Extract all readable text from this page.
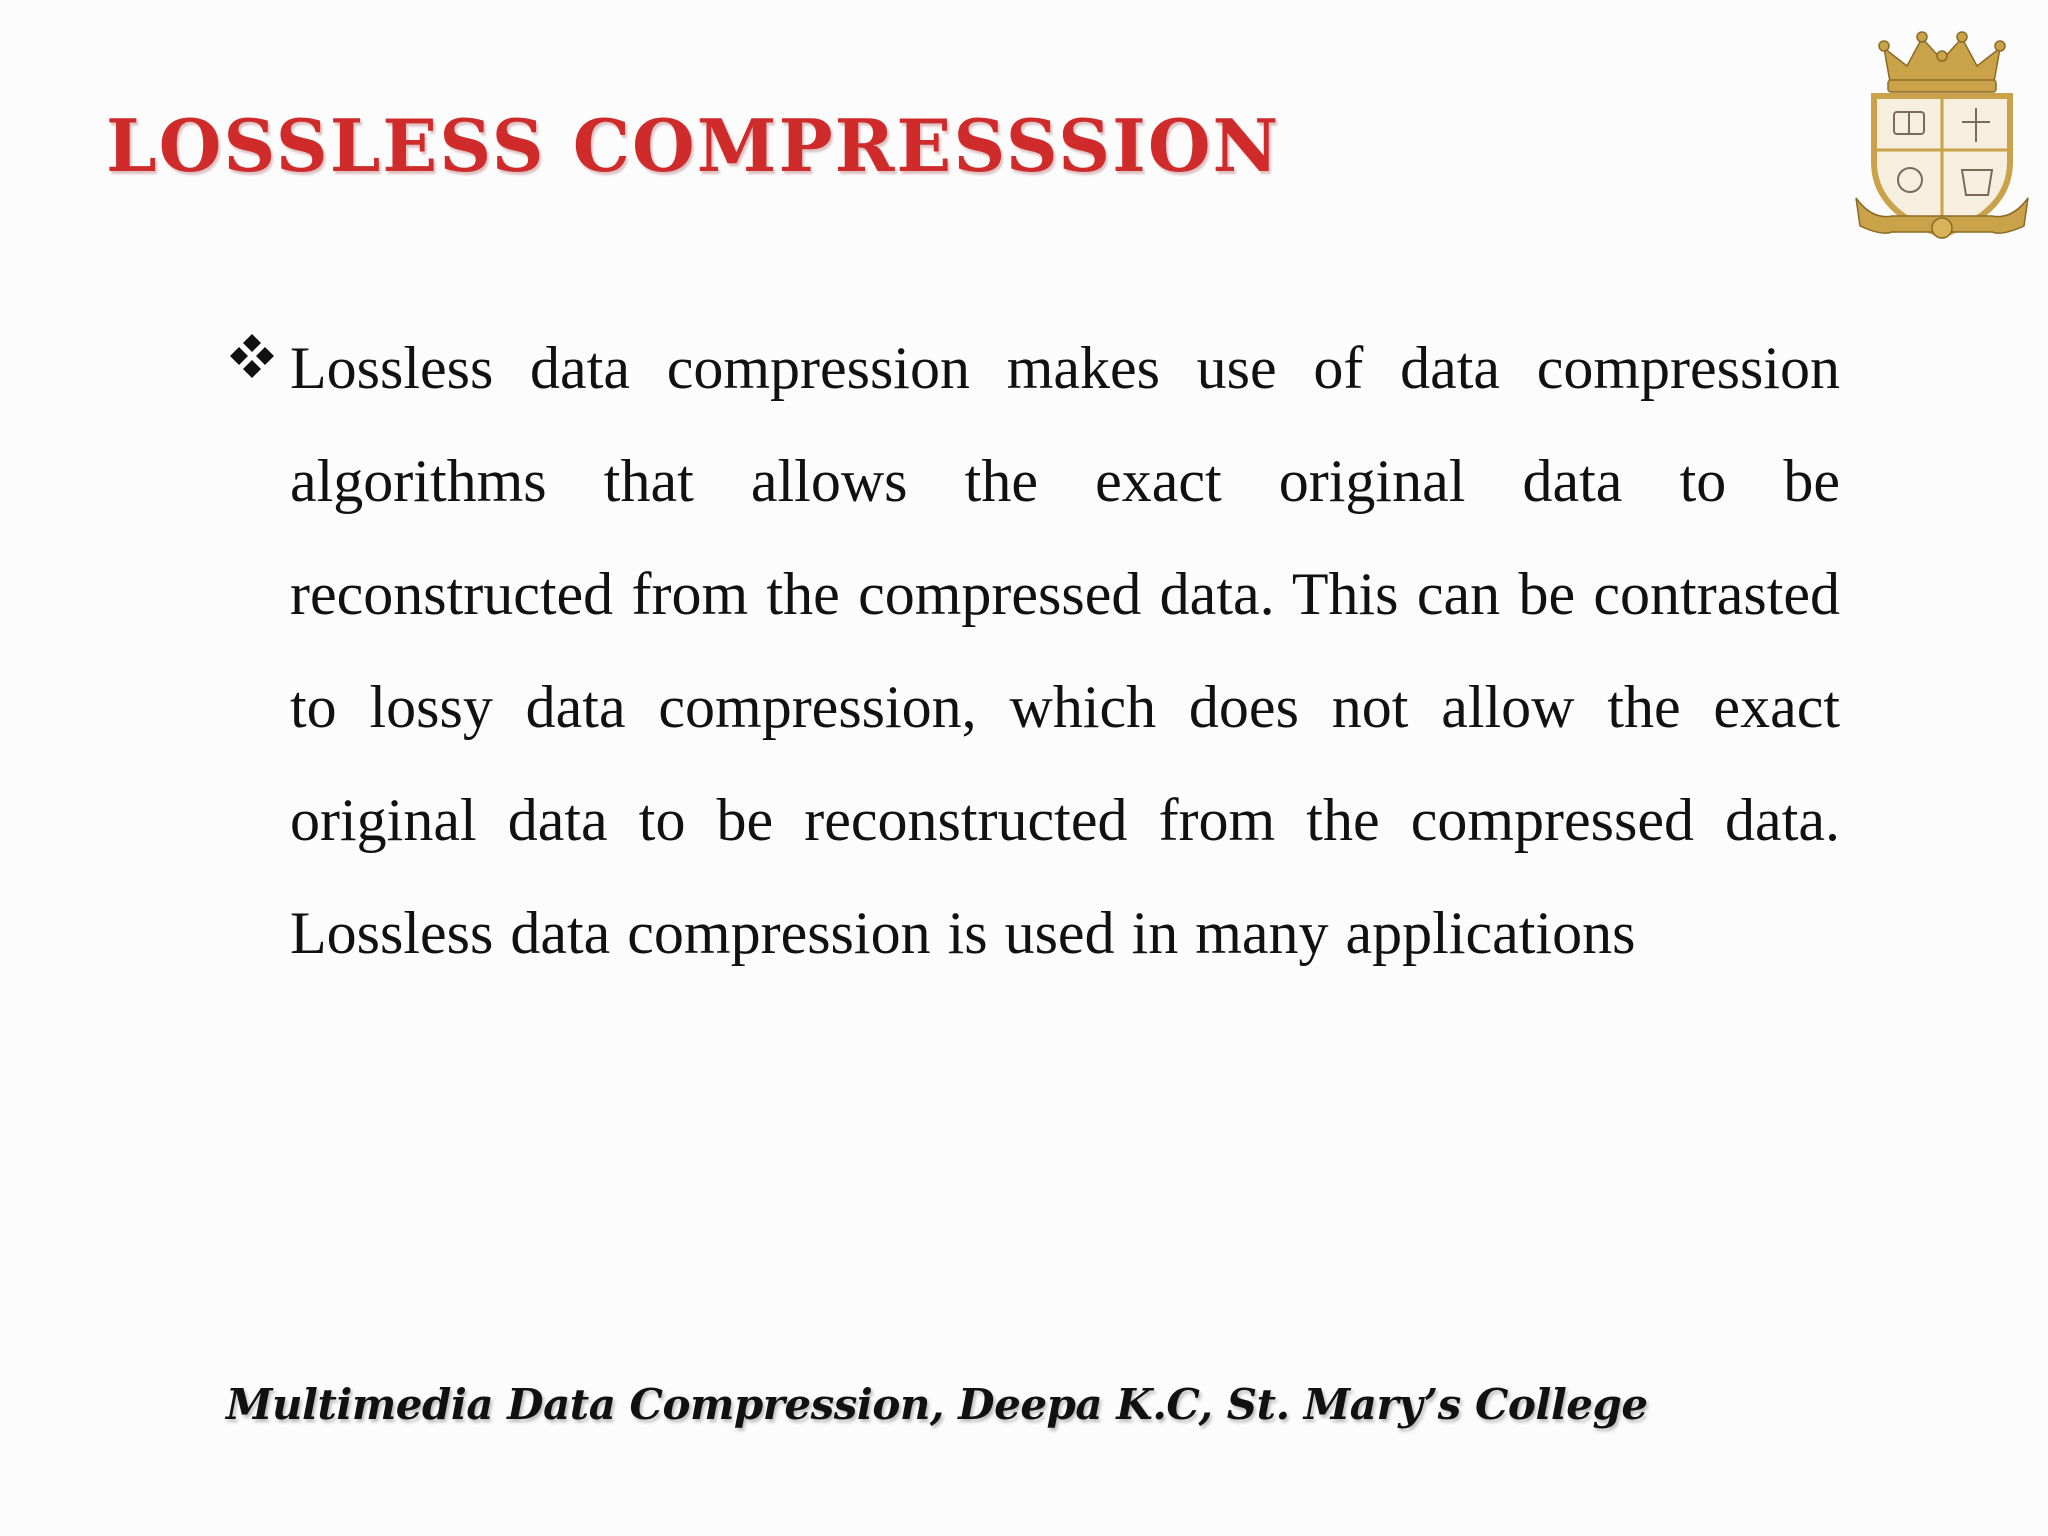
LOSSLESS COMPRESSSION

Lossless data compression makes use of data compression algorithms that allows the exact original data to be reconstructed from the compressed data. This can be contrasted to lossy data compression, which does not allow the exact original data to be reconstructed from the compressed data. Lossless data compression is used in many applications

Multimedia Data Compression, Deepa K.C, St. Mary’s College
